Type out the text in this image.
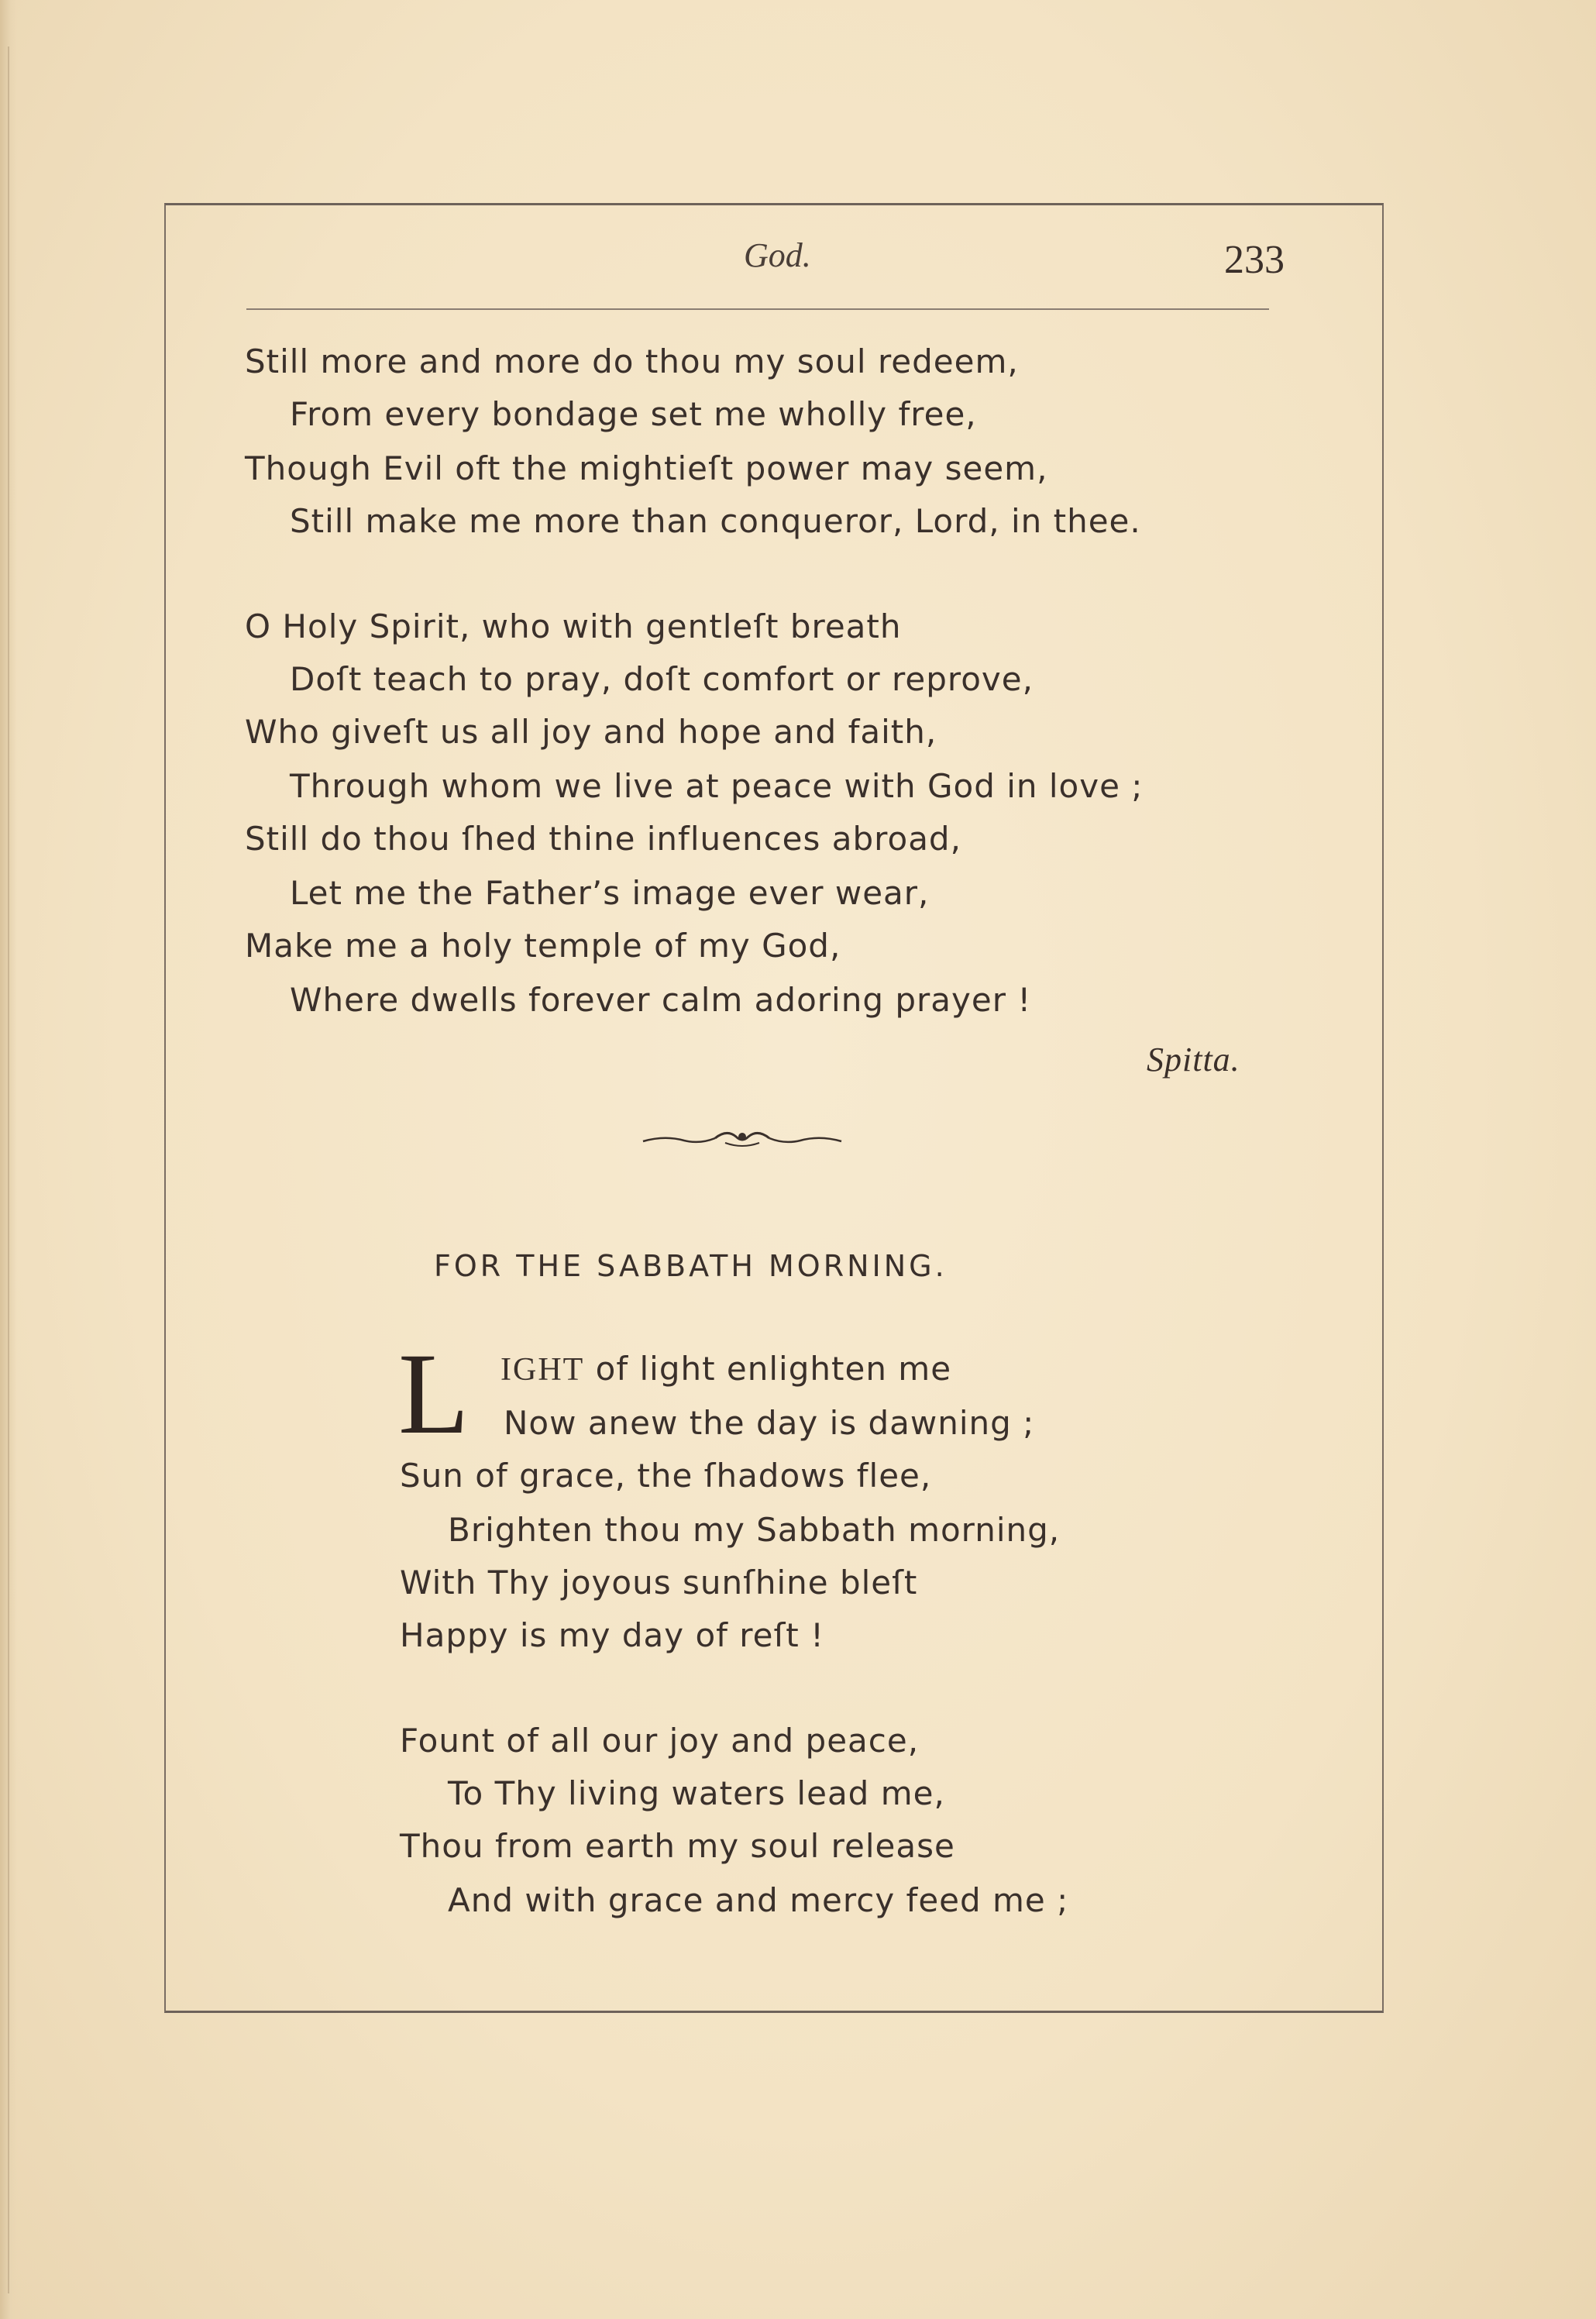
God.	233
Still more and more do thou my soul redeem,
From every bondage set me wholly free,
Though Evil oft the mightieſt power may seem,
Still make me more than conqueror, Lord, in thee.
O Holy Spirit, who with gentleſt breath
Doſt teach to pray, doſt comfort or reprove,
Who giveſt us all joy and hope and faith,
Through whom we live at peace with God in love ;
Still do thou ſhed thine influences abroad,
Let me the Father’s image ever wear,
Make me a holy temple of my God,
Where dwells forever calm adoring prayer !
Spitta.
FOR THE SABBATH MORNING.
L IGHT of light enlighten me
Now anew the day is dawning ;
Sun of grace, the ſhadows flee,
Brighten thou my Sabbath morning,
With Thy joyous sunſhine bleſt
Happy is my day of reſt !
Fount of all our joy and peace,
To Thy living waters lead me,
Thou from earth my soul release
And with grace and mercy feed me ;
